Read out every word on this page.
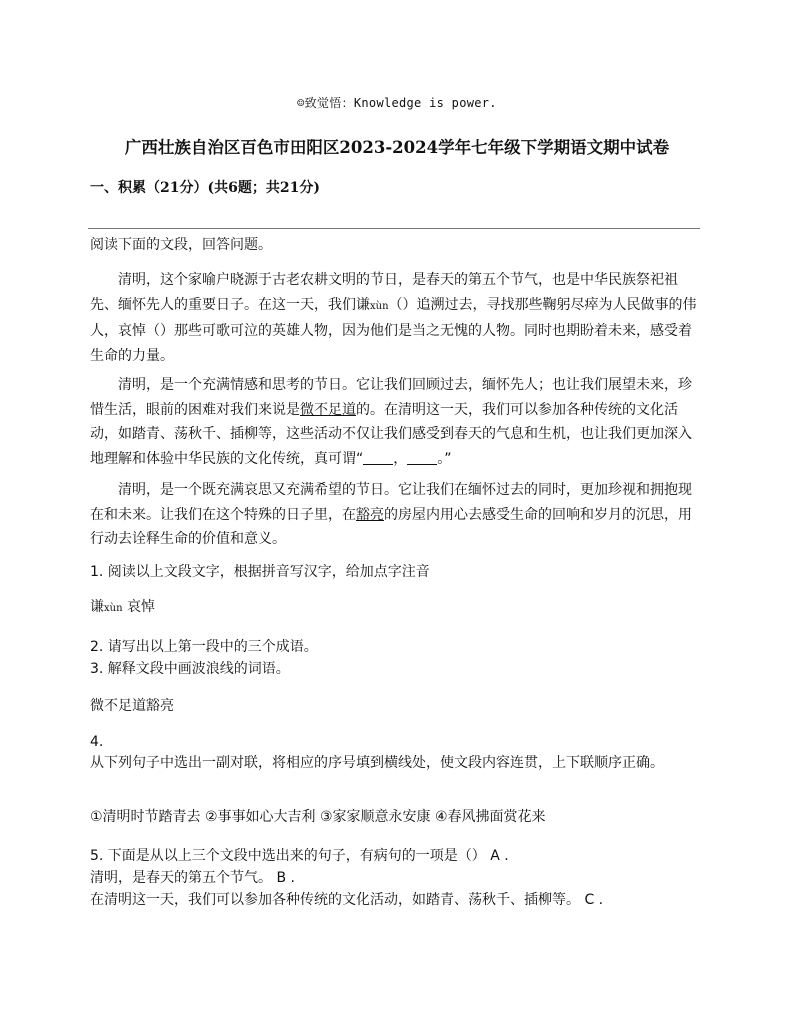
☺致觉悟：Knowledge is power.
广西壮族自治区百色市田阳区2023-2024学年七年级下学期语文期中试卷
一、积累（21分）(共6题；共21分)
阅读下面的文段，回答问题。
清明，这个家喻户晓源于古老农耕文明的节日，是春天的第五个节气，也是中华民族祭祀祖先、缅怀先人的重要日子。在这一天，我们谦xùn（）追溯过去，寻找那些鞠躬尽瘁为人民做事的伟人，哀悼（）那些可歌可泣的英雄人物，因为他们是当之无愧的人物。同时也期盼着未来，感受着生命的力量。
清明，是一个充满情感和思考的节日。它让我们回顾过去，缅怀先人；也让我们展望未来，珍惜生活，眼前的困难对我们来说是微不足道的。在清明这一天，我们可以参加各种传统的文化活动，如踏青、荡秋千、插柳等，这些活动不仅让我们感受到春天的气息和生机，也让我们更加深入地理解和体验中华民族的文化传统，真可谓“ ， 。”
清明，是一个既充满哀思又充满希望的节日。它让我们在缅怀过去的同时，更加珍视和拥抱现在和未来。让我们在这个特殊的日子里，在豁亮的房屋内用心去感受生命的回响和岁月的沉思，用行动去诠释生命的价值和意义。
1. 阅读以上文段文字，根据拼音写汉字，给加点字注音
谦xùn 哀悼
2. 请写出以上第一段中的三个成语。
3. 解释文段中画波浪线的词语。
微不足道豁亮
4.
从下列句子中选出一副对联，将相应的序号填到横线处，使文段内容连贯，上下联顺序正确。
①清明时节踏青去 ②事事如心大吉利 ③家家顺意永安康 ④春风拂面赏花来
5. 下面是从以上三个文段中选出来的句子，有病句的一项是（） A .
清明，是春天的第五个节气。 B .
在清明这一天，我们可以参加各种传统的文化活动，如踏青、荡秋千、插柳等。 C .
